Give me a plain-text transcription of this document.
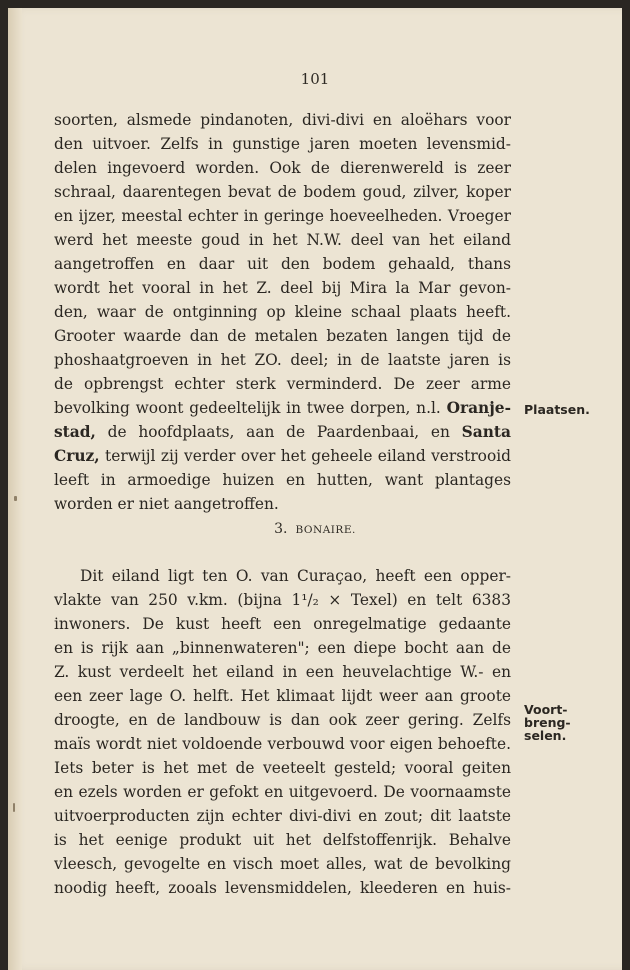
101
soorten, alsmede pindanoten, divi-divi en aloëhars voor
den uitvoer. Zelfs in gunstige jaren moeten levensmid-
delen ingevoerd worden. Ook de dierenwereld is zeer
schraal, daarentegen bevat de bodem goud, zilver, koper
en ijzer, meestal echter in geringe hoeveelheden. Vroeger
werd het meeste goud in het N.W. deel van het eiland
aangetroffen en daar uit den bodem gehaald, thans
wordt het vooral in het Z. deel bij Mira la Mar gevon-
den, waar de ontginning op kleine schaal plaats heeft.
Grooter waarde dan de metalen bezaten langen tijd de
phoshaatgroeven in het ZO. deel; in de laatste jaren is
de opbrengst echter sterk verminderd. De zeer arme
bevolking woont gedeeltelijk in twee dorpen, n.l. Oranje-
stad, de hoofdplaats, aan de Paardenbaai, en Santa
Cruz, terwijl zij verder over het geheele eiland verstrooid
leeft in armoedige huizen en hutten, want plantages
worden er niet aangetroffen.
3. BONAIRE.
Dit eiland ligt ten O. van Curaçao, heeft een opper-
vlakte van 250 v.km. (bijna 1¹/₂ × Texel) en telt 6383
inwoners. De kust heeft een onregelmatige gedaante
en is rijk aan „binnenwateren"; een diepe bocht aan de
Z. kust verdeelt het eiland in een heuvelachtige W.- en
een zeer lage O. helft. Het klimaat lijdt weer aan groote
droogte, en de landbouw is dan ook zeer gering. Zelfs
maïs wordt niet voldoende verbouwd voor eigen behoefte.
Iets beter is het met de veeteelt gesteld; vooral geiten
en ezels worden er gefokt en uitgevoerd. De voornaamste
uitvoerproducten zijn echter divi-divi en zout; dit laatste
is het eenige produkt uit het delfstoffenrijk. Behalve
vleesch, gevogelte en visch moet alles, wat de bevolking
noodig heeft, zooals levensmiddelen, kleederen en huis-
Plaatsen.
Voort-
breng-
selen.
